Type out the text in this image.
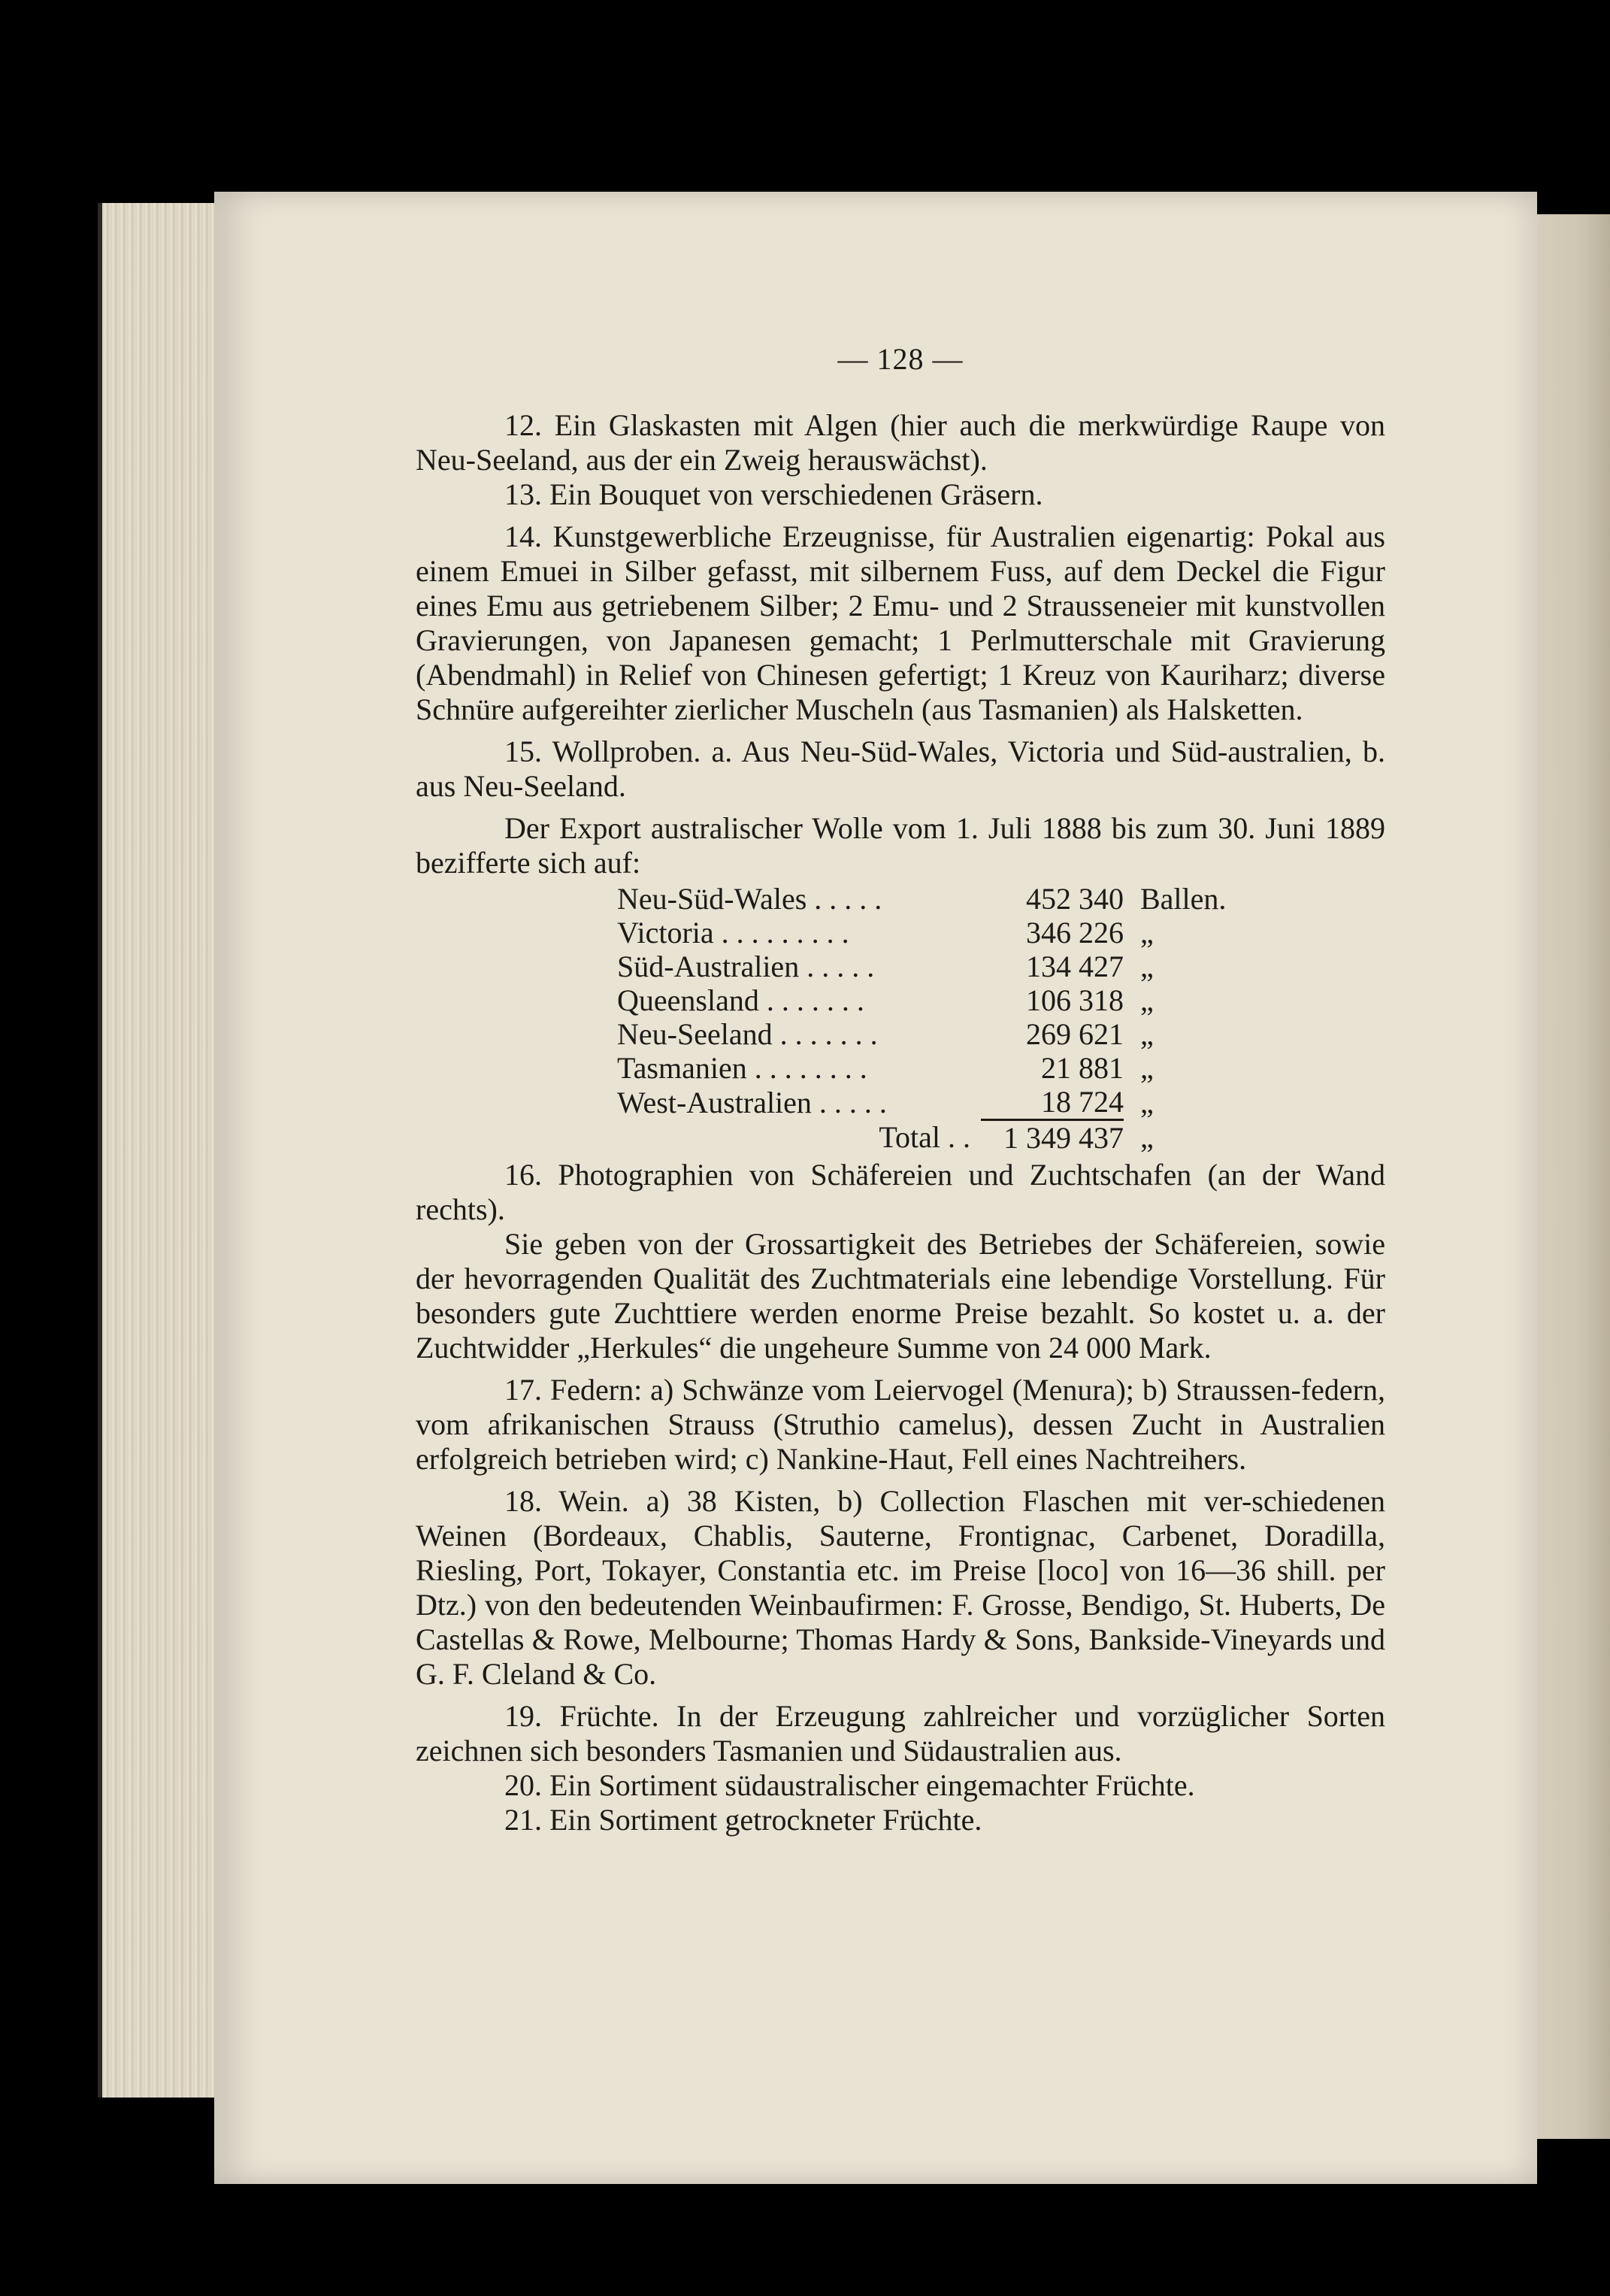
— 128 —

12. Ein Glaskasten mit Algen (hier auch die merkwürdige Raupe von Neu-Seeland, aus der ein Zweig herauswächst).

13. Ein Bouquet von verschiedenen Gräsern.

14. Kunstgewerbliche Erzeugnisse, für Australien eigenartig: Pokal aus einem Emuei in Silber gefasst, mit silbernem Fuss, auf dem Deckel die Figur eines Emu aus getriebenem Silber; 2 Emu- und 2 Strausseneier mit kunstvollen Gravierungen, von Japanesen gemacht; 1 Perlmutterschale mit Gravierung (Abendmahl) in Relief von Chinesen gefertigt; 1 Kreuz von Kauriharz; diverse Schnüre aufgereihter zierlicher Muscheln (aus Tasmanien) als Halsketten.

15. Wollproben. a. Aus Neu-Süd-Wales, Victoria und Süd-australien, b. aus Neu-Seeland.

Der Export australischer Wolle vom 1. Juli 1888 bis zum 30. Juni 1889 bezifferte sich auf:

Neu-Süd-Wales . . . . .	452 340	Ballen.
Victoria . . . . . . . . .	346 226	„
Süd-Australien . . . . .	134 427	„
Queensland . . . . . . .	106 318	„
Neu-Seeland . . . . . . .	269 621	„
Tasmanien . . . . . . . .	21 881	„
West-Australien . . . . .	18 724	„
Total . .	1 349 437	„

16. Photographien von Schäfereien und Zuchtschafen (an der Wand rechts).

Sie geben von der Grossartigkeit des Betriebes der Schäfereien, sowie der hevorragenden Qualität des Zuchtmaterials eine lebendige Vorstellung. Für besonders gute Zuchttiere werden enorme Preise bezahlt. So kostet u. a. der Zuchtwidder „Herkules“ die ungeheure Summe von 24 000 Mark.

17. Federn: a) Schwänze vom Leiervogel (Menura); b) Straussen-federn, vom afrikanischen Strauss (Struthio camelus), dessen Zucht in Australien erfolgreich betrieben wird; c) Nankine-Haut, Fell eines Nachtreihers.

18. Wein. a) 38 Kisten, b) Collection Flaschen mit ver-schiedenen Weinen (Bordeaux, Chablis, Sauterne, Frontignac, Carbenet, Doradilla, Riesling, Port, Tokayer, Constantia etc. im Preise [loco] von 16—36 shill. per Dtz.) von den bedeutenden Weinbaufirmen: F. Grosse, Bendigo, St. Huberts, De Castellas & Rowe, Melbourne; Thomas Hardy & Sons, Bankside-Vineyards und G. F. Cleland & Co.

19. Früchte. In der Erzeugung zahlreicher und vorzüglicher Sorten zeichnen sich besonders Tasmanien und Südaustralien aus.

20. Ein Sortiment südaustralischer eingemachter Früchte.

21. Ein Sortiment getrockneter Früchte.
